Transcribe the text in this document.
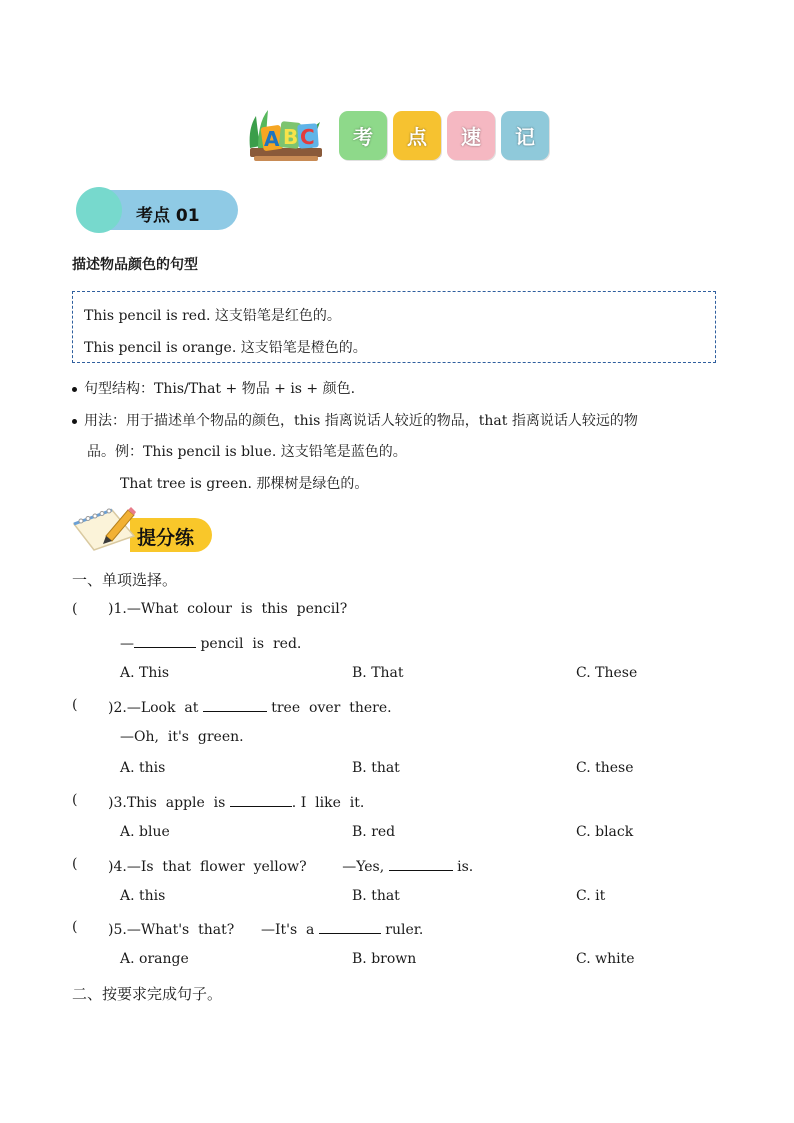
A B C	考	点	速	记
考点 01
描述物品颜色的句型
This pencil is red. 这支铅笔是红色的。
This pencil is orange. 这支铅笔是橙色的。
句型结构：This/That + 物品 + is + 颜色.
用法：用于描述单个物品的颜色，this 指离说话人较近的物品，that 指离说话人较远的物
品。例：This pencil is blue. 这支铅笔是蓝色的。
That tree is green. 那棵树是绿色的。
提分练
一、单项选择。
( )1.—What  colour  is  this  pencil?
—	pencil  is  red.
A. This	B. That	C. These
( )2.—Look  at	tree  over  there.
—Oh,  it's  green.
A. this	B. that	C. these
( )3.This  apple  is	. I  like  it.
A. blue	B. red	C. black
( )4.—Is  that  flower  yellow?        —Yes,	is.
A. this	B. that	C. it
( )5.—What's  that?      —It's  a	ruler.
A. orange	B. brown	C. white
二、按要求完成句子。
